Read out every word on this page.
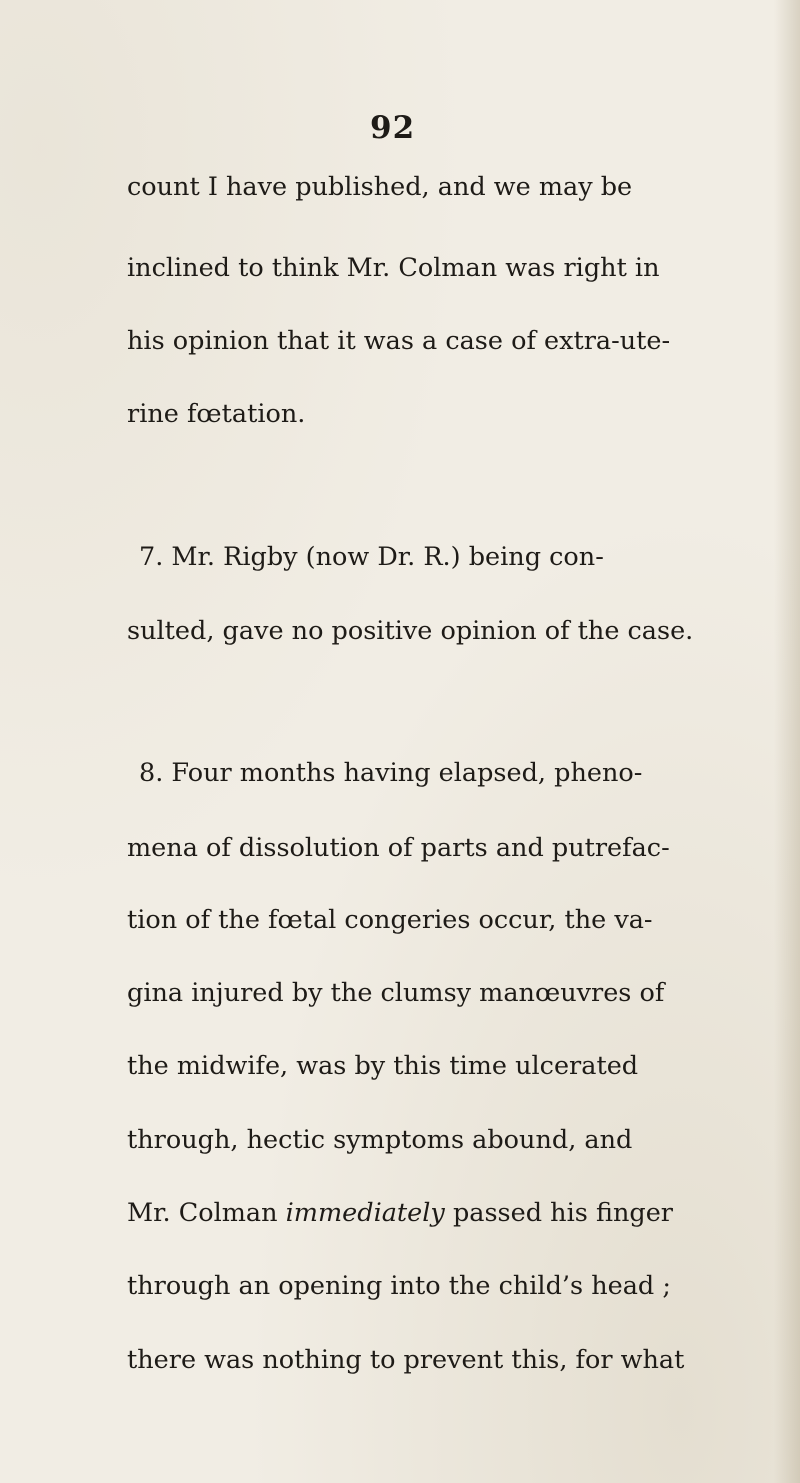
92
count I have published, and we may be
inclined to think Mr. Colman was right in
his opinion that it was a case of extra-ute-
rine fœtation.
7. Mr. Rigby (now Dr. R.) being con-
sulted, gave no positive opinion of the case.
8. Four months having elapsed, pheno-
mena of dissolution of parts and putrefac-
tion of the fœtal congeries occur, the va-
gina injured by the clumsy manœuvres of
the midwife, was by this time ulcerated
through, hectic symptoms abound, and
Mr. Colman immediately passed his finger
through an opening into the child’s head ;
there was nothing to prevent this, for what
